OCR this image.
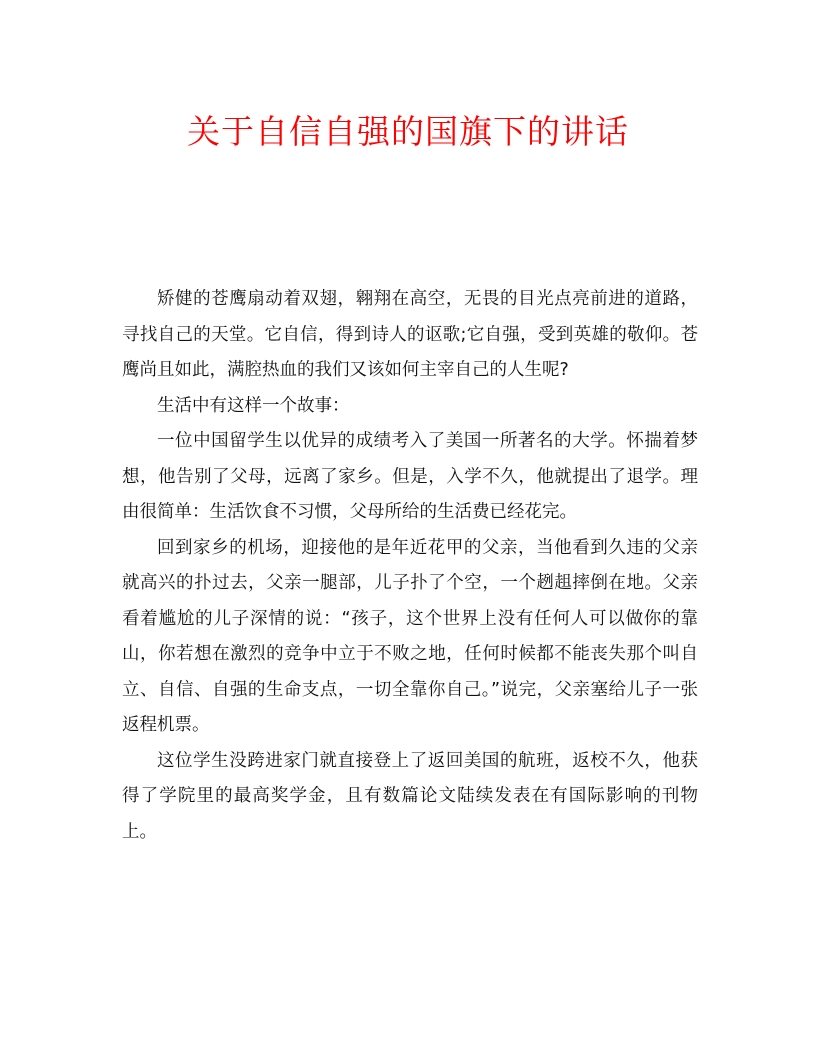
关于自信自强的国旗下的讲话

矫健的苍鹰扇动着双翅，翱翔在高空，无畏的目光点亮前进的道路，寻找自己的天堂。它自信，得到诗人的讴歌;它自强，受到英雄的敬仰。苍鹰尚且如此，满腔热血的我们又该如何主宰自己的人生呢?

生活中有这样一个故事：

一位中国留学生以优异的成绩考入了美国一所著名的大学。怀揣着梦想，他告别了父母，远离了家乡。但是，入学不久，他就提出了退学。理由很简单：生活饮食不习惯，父母所给的生活费已经花完。

回到家乡的机场，迎接他的是年近花甲的父亲，当他看到久违的父亲就高兴的扑过去，父亲一腿部，儿子扑了个空，一个趔趄摔倒在地。父亲看着尴尬的儿子深情的说：“孩子，这个世界上没有任何人可以做你的靠山，你若想在激烈的竞争中立于不败之地，任何时候都不能丧失那个叫自立、自信、自强的生命支点，一切全靠你自己。”说完，父亲塞给儿子一张返程机票。

这位学生没跨进家门就直接登上了返回美国的航班，返校不久，他获得了学院里的最高奖学金，且有数篇论文陆续发表在有国际影响的刊物上。
